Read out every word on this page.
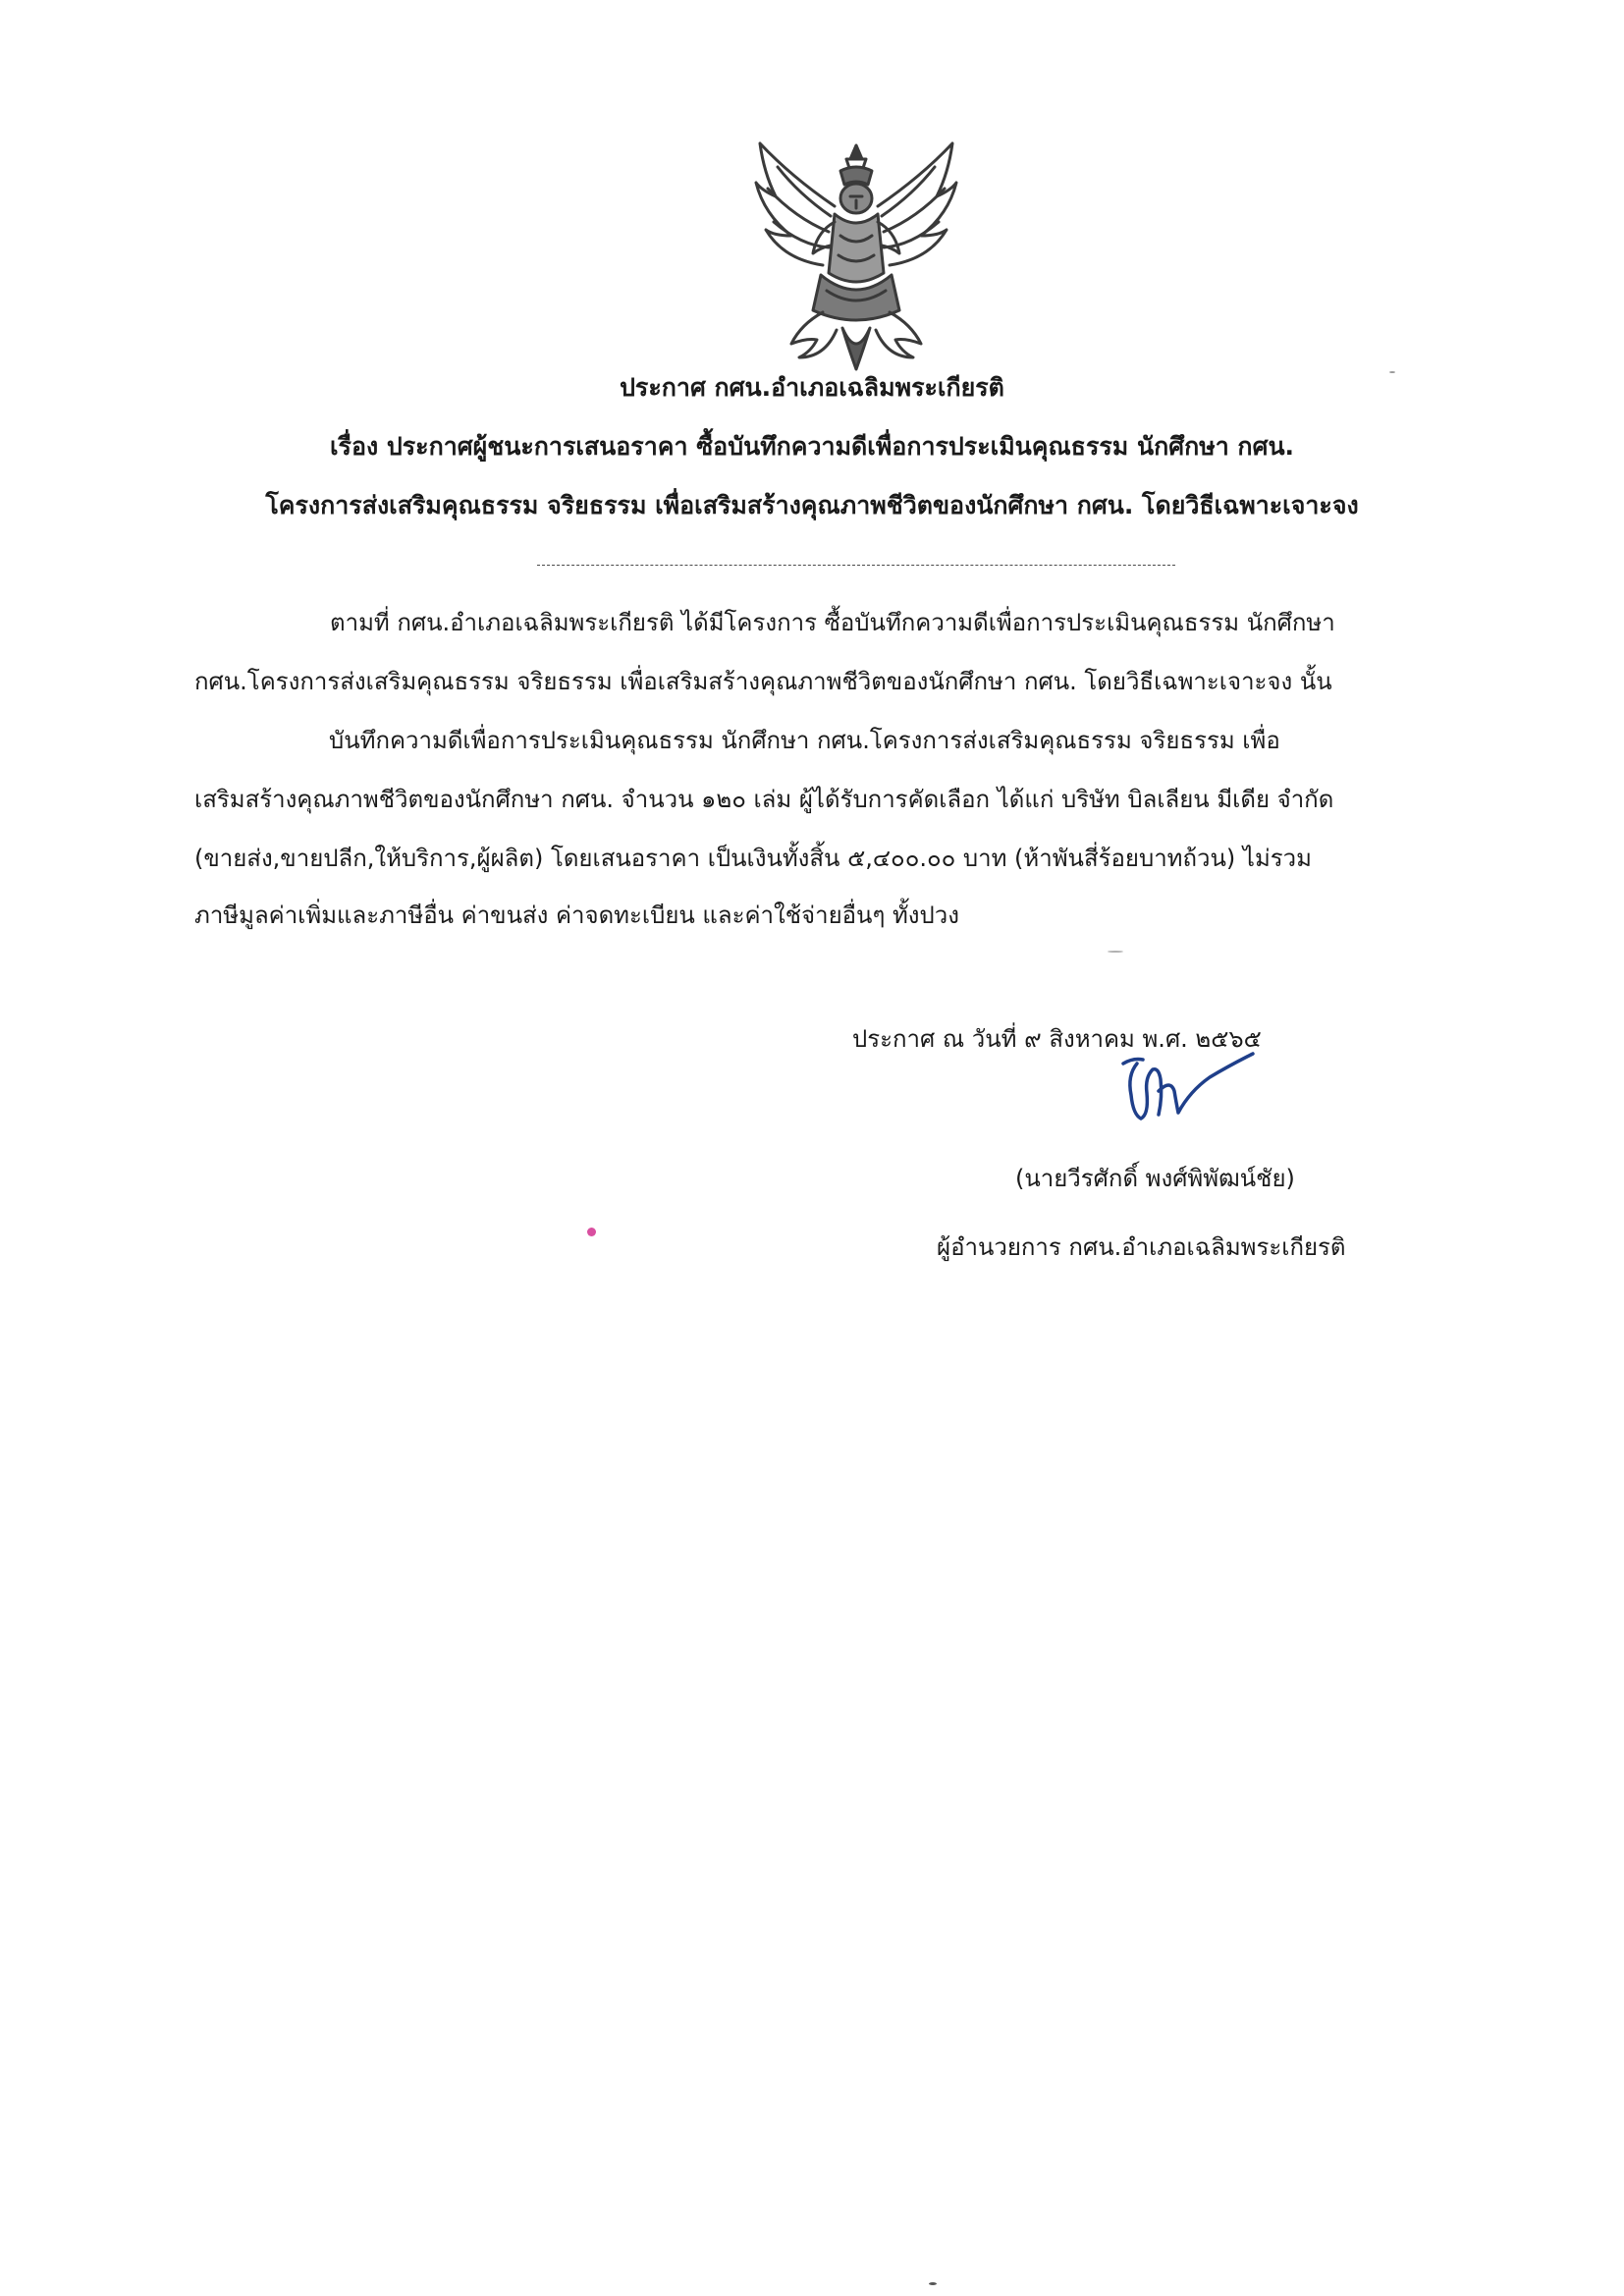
ประกาศ กศน.อำเภอเฉลิมพระเกียรติ
เรื่อง ประกาศผู้ชนะการเสนอราคา ซื้อบันทึกความดีเพื่อการประเมินคุณธรรม นักศึกษา กศน.
โครงการส่งเสริมคุณธรรม จริยธรรม เพื่อเสริมสร้างคุณภาพชีวิตของนักศึกษา กศน. โดยวิธีเฉพาะเจาะจง
ตามที่ กศน.อำเภอเฉลิมพระเกียรติ ได้มีโครงการ ซื้อบันทึกความดีเพื่อการประเมินคุณธรรม นักศึกษา
กศน.โครงการส่งเสริมคุณธรรม จริยธรรม เพื่อเสริมสร้างคุณภาพชีวิตของนักศึกษา กศน. โดยวิธีเฉพาะเจาะจง นั้น
บันทึกความดีเพื่อการประเมินคุณธรรม นักศึกษา กศน.โครงการส่งเสริมคุณธรรม จริยธรรม เพื่อ
เสริมสร้างคุณภาพชีวิตของนักศึกษา กศน. จำนวน ๑๒๐ เล่ม ผู้ได้รับการคัดเลือก ได้แก่ บริษัท บิลเลียน มีเดีย จำกัด
(ขายส่ง,ขายปลีก,ให้บริการ,ผู้ผลิต) โดยเสนอราคา เป็นเงินทั้งสิ้น ๕,๔๐๐.๐๐ บาท (ห้าพันสี่ร้อยบาทถ้วน) ไม่รวม
ภาษีมูลค่าเพิ่มและภาษีอื่น ค่าขนส่ง ค่าจดทะเบียน และค่าใช้จ่ายอื่นๆ ทั้งปวง
ประกาศ ณ วันที่ ๙ สิงหาคม พ.ศ. ๒๕๖๕
(นายวีรศักดิ์ พงศ์พิพัฒน์ชัย)
ผู้อำนวยการ กศน.อำเภอเฉลิมพระเกียรติ
